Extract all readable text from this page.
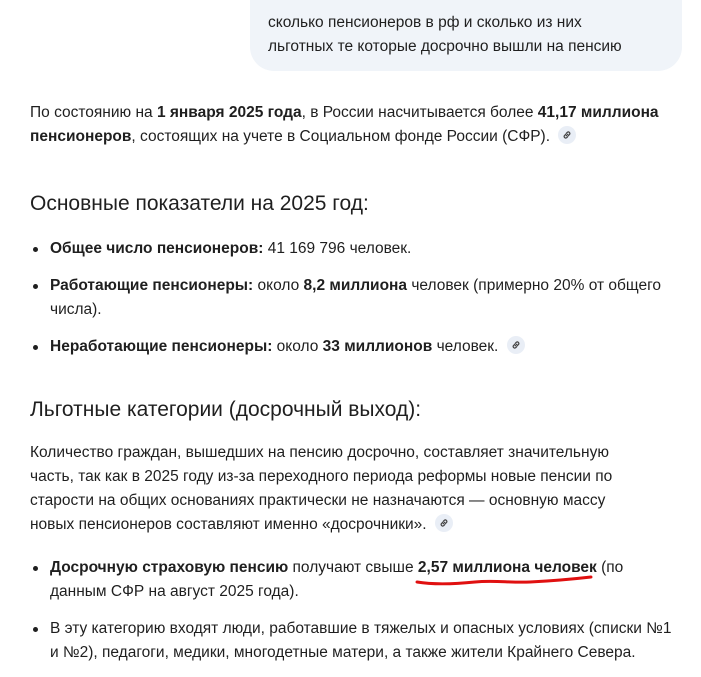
сколько пенсионеров в рф и сколько из них
льготных те которые досрочно вышли на пенсию

По состоянию на 1 января 2025 года, в России насчитывается более 41,17 миллиона пенсионеров, состоящих на учете в Социальном фонде России (СФР).

Основные показатели на 2025 год:
Общее число пенсионеров: 41 169 796 человек.
Работающие пенсионеры: около 8,2 миллиона человек (примерно 20% от общего числа).
Неработающие пенсионеры: около 33 миллионов человек.
Льготные категории (досрочный выход):

Количество граждан, вышедших на пенсию досрочно, составляет значительную часть, так как в 2025 году из-за переходного периода реформы новые пенсии по старости на общих основаниях практически не назначаются — основную массу новых пенсионеров составляют именно «досрочники».

Досрочную страховую пенсию получают свыше 2,57 миллиона человек
(по данным СФР на август 2025 года).
В эту категорию входят люди, работавшие в тяжелых и опасных условиях (списки №1 и №2), педагоги, медики, многодетные матери, а также жители Крайнего Севера.
